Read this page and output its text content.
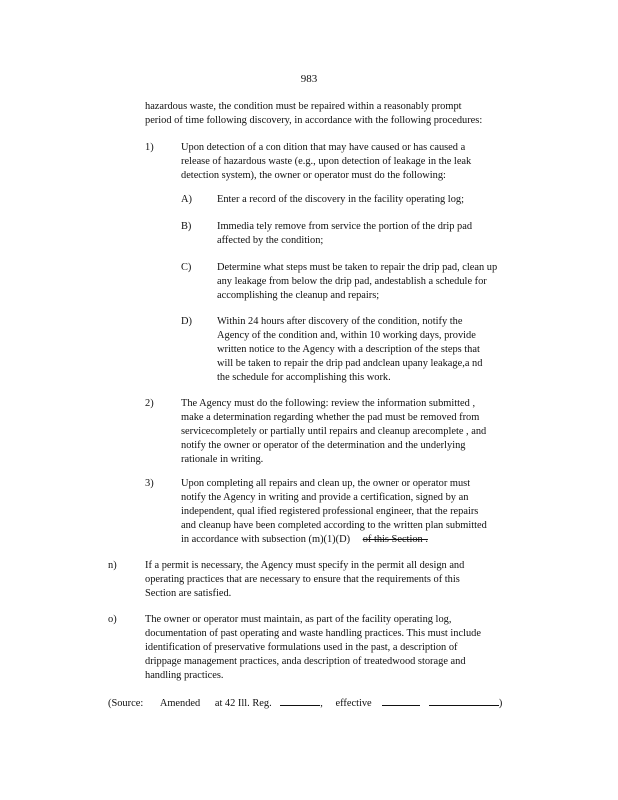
983
hazardous waste, the condition must be repaired within a reasonably prompt
period of time following discovery, in accordance with the following procedures:
1)	Upon detection of a con dition that may have caused or has caused a
release of hazardous waste (e.g., upon detection of leakage in the leak
detection system), the owner or operator must do the following:
A) Enter a record of the discovery in the facility operating log;
B) Immedia tely remove from service the portion of the drip pad
affected by the condition;
C) Determine what steps must be taken to repair the drip pad, clean up
any leakage from below the drip pad, andestablish a schedule for
accomplishing the cleanup and repairs;
D) Within 24 hours after discovery of the condition, notify the
Agency of the condition and, within 10 working days, provide
written notice to the Agency with a description of the steps that
will be taken to repair the drip pad andclean upany leakage,a nd
the schedule for accomplishing this work.
2)	The Agency must do the following: review the information submitted ,
make a determination regarding whether the pad must be removed from
servicecompletely or partially until repairs and cleanup arecomplete , and
notify the owner or operator of the determination and the underlying
rationale in writing.
3)	Upon completing all repairs and clean up, the owner or operator must
notify the Agency in writing and provide a certification, signed by an
independent, qual ified registered professional engineer, that the repairs
and cleanup have been completed according to the written plan submitted
in accordance with subsection (m)(1)(D) of this Section .
n)	If a permit is necessary, the Agency must specify in the permit all design and
operating practices that are necessary to ensure that the requirements of this
Section are satisfied.
o)	The owner or operator must maintain, as part of the facility operating log,
documentation of past operating and waste handling practices. This must include
identification of preservative formulations used in the past, a description of
drippage management practices, anda description of treatedwood storage and
handling practices.
(Source: Amended at 42 Ill. Reg.	, effective	)
